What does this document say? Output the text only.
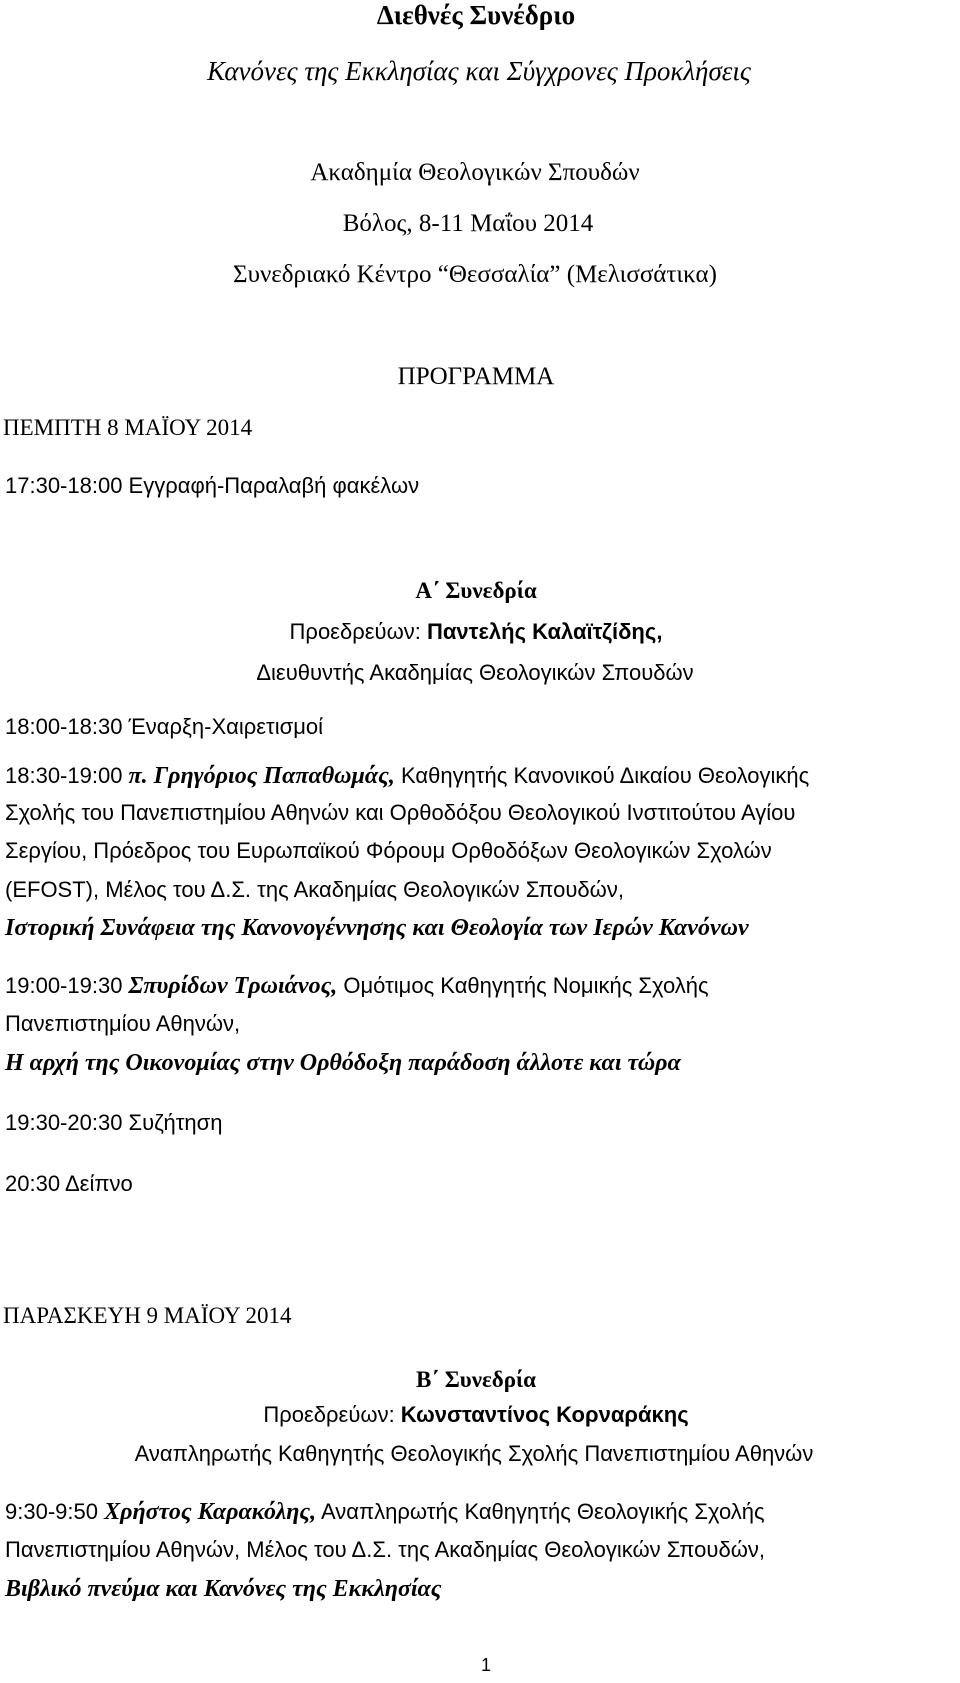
Διεθνές Συνέδριο
Κανόνες της Εκκλησίας και Σύγχρονες Προκλήσεις
Ακαδημία Θεολογικών Σπουδών
Βόλος, 8-11 Μαΐου 2014
Συνεδριακό Κέντρο “Θεσσαλία” (Μελισσάτικα)
ΠΡΟΓΡΑΜΜΑ
ΠΕΜΠΤΗ 8 ΜΑΪΟΥ 2014
17:30-18:00 Εγγραφή-Παραλαβή φακέλων
Α΄ Συνεδρία
Προεδρεύων: Παντελής Καλαϊτζίδης,
Διευθυντής Ακαδημίας Θεολογικών Σπουδών
18:00-18:30 Έναρξη-Χαιρετισμοί
18:30-19:00 π. Γρηγόριος Παπαθωμάς, Καθηγητής Κανονικού Δικαίου Θεολογικής
Σχολής του Πανεπιστημίου Αθηνών και Ορθοδόξου Θεολογικού Ινστιτούτου Αγίου
Σεργίου, Πρόεδρος του Ευρωπαϊκού Φόρουμ Ορθοδόξων Θεολογικών Σχολών
(EFOST), Μέλος του Δ.Σ. της Ακαδημίας Θεολογικών Σπουδών,
Ιστορική Συνάφεια της Κανονογέννησης και Θεολογία των Ιερών Κανόνων
19:00-19:30 Σπυρίδων Τρωιάνος, Ομότιμος Καθηγητής Νομικής Σχολής
Πανεπιστημίου Αθηνών,
Η αρχή της Οικονομίας στην Ορθόδοξη παράδοση άλλοτε και τώρα
19:30-20:30 Συζήτηση
20:30 Δείπνο
ΠΑΡΑΣΚΕΥΗ 9 ΜΑΪΟΥ 2014
Β΄ Συνεδρία
Προεδρεύων: Κωνσταντίνος Κορναράκης
Αναπληρωτής Καθηγητής Θεολογικής Σχολής Πανεπιστημίου Αθηνών
9:30-9:50 Χρήστος Καρακόλης, Αναπληρωτής Καθηγητής Θεολογικής Σχολής
Πανεπιστημίου Αθηνών, Μέλος του Δ.Σ. της Ακαδημίας Θεολογικών Σπουδών,
Βιβλικό πνεύμα και Κανόνες της Εκκλησίας
1
